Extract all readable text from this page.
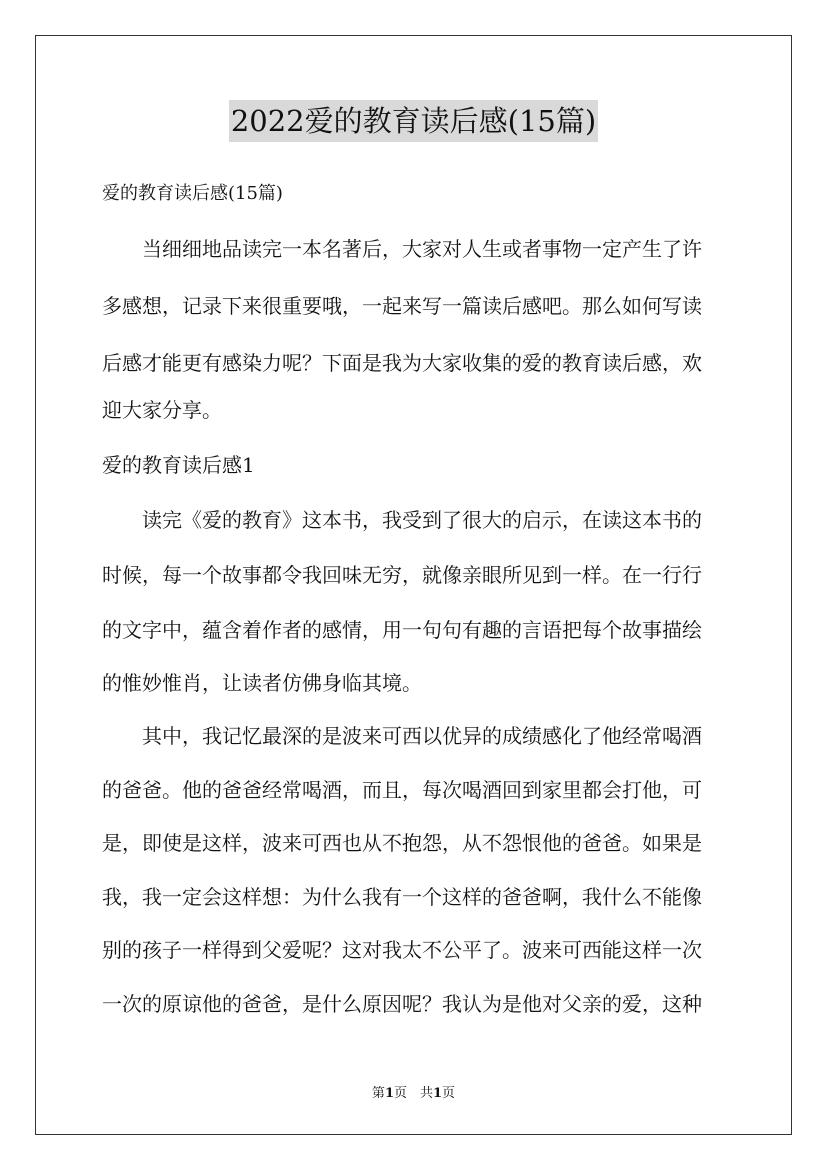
2022爱的教育读后感(15篇)
爱的教育读后感(15篇)
　　当细细地品读完一本名著后，大家对人生或者事物一定产生了许
多感想，记录下来很重要哦，一起来写一篇读后感吧。那么如何写读
后感才能更有感染力呢？下面是我为大家收集的爱的教育读后感，欢
迎大家分享。
爱的教育读后感1
　　读完《爱的教育》这本书，我受到了很大的启示，在读这本书的
时候，每一个故事都令我回味无穷，就像亲眼所见到一样。在一行行
的文字中，蕴含着作者的感情，用一句句有趣的言语把每个故事描绘
的惟妙惟肖，让读者仿佛身临其境。
　　其中，我记忆最深的是波来可西以优异的成绩感化了他经常喝酒
的爸爸。他的爸爸经常喝酒，而且，每次喝酒回到家里都会打他，可
是，即使是这样，波来可西也从不抱怨，从不怨恨他的爸爸。如果是
我，我一定会这样想：为什么我有一个这样的爸爸啊，我什么不能像
别的孩子一样得到父爱呢？这对我太不公平了。波来可西能这样一次
一次的原谅他的爸爸，是什么原因呢？我认为是他对父亲的爱，这种
第1页　共1页
